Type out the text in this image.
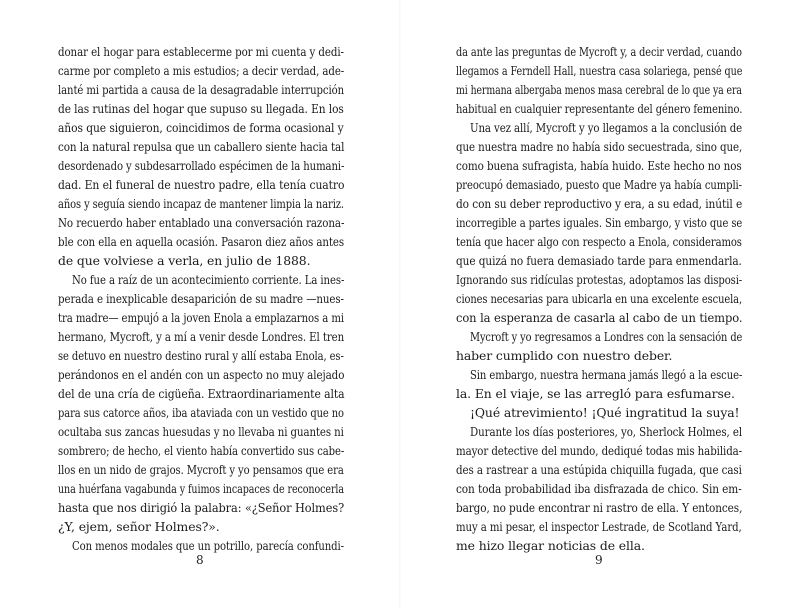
8
donar el hogar para establecerme por mi cuenta y dedi-
carme por completo a mis estudios; a decir verdad, ade-
lanté mi partida a causa de la desagradable interrupción
de las rutinas del hogar que supuso su llegada. En los
años que siguieron, coincidimos de forma ocasional y
con la natural repulsa que un caballero siente hacia tal
desordenado y subdesarrollado espécimen de la humani-
dad. En el funeral de nuestro padre, ella tenía cuatro
años y seguía siendo incapaz de mantener limpia la nariz.
No recuerdo haber entablado una conversación razona-
ble con ella en aquella ocasión. Pasaron diez años antes
de que volviese a verla, en julio de 1888.
No fue a raíz de un acontecimiento corriente. La ines-
perada e inexplicable desaparición de su madre —nues-
tra madre— empujó a la joven Enola a emplazarnos a mi
hermano, Mycroft, y a mí a venir desde Londres. El tren
se detuvo en nuestro destino rural y allí estaba Enola, es-
perándonos en el andén con un aspecto no muy alejado
del de una cría de cigüeña. Extraordinariamente alta
para sus catorce años, iba ataviada con un vestido que no
ocultaba sus zancas huesudas y no llevaba ni guantes ni
sombrero; de hecho, el viento había convertido sus cabe-
llos en un nido de grajos. Mycroft y yo pensamos que era
una huérfana vagabunda y fuimos incapaces de reconocerla
hasta que nos dirigió la palabra: «¿Señor Holmes?
¿Y, ejem, señor Holmes?».
Con menos modales que un potrillo, parecía confundi-
9
da ante las preguntas de Mycroft y, a decir verdad, cuando
llegamos a Ferndell Hall, nuestra casa solariega, pensé que
mi hermana albergaba menos masa cerebral de lo que ya era
habitual en cualquier representante del género femenino.
Una vez allí, Mycroft y yo llegamos a la conclusión de
que nuestra madre no había sido secuestrada, sino que,
como buena sufragista, había huido. Este hecho no nos
preocupó demasiado, puesto que Madre ya había cumpli-
do con su deber reproductivo y era, a su edad, inútil e
incorregible a partes iguales. Sin embargo, y visto que se
tenía que hacer algo con respecto a Enola, consideramos
que quizá no fuera demasiado tarde para enmendarla.
Ignorando sus ridículas protestas, adoptamos las disposi-
ciones necesarias para ubicarla en una excelente escuela,
con la esperanza de casarla al cabo de un tiempo.
Mycroft y yo regresamos a Londres con la sensación de
haber cumplido con nuestro deber.
Sin embargo, nuestra hermana jamás llegó a la escue-
la. En el viaje, se las arregló para esfumarse.
¡Qué atrevimiento! ¡Qué ingratitud la suya!
Durante los días posteriores, yo, Sherlock Holmes, el
mayor detective del mundo, dediqué todas mis habilida-
des a rastrear a una estúpida chiquilla fugada, que casi
con toda probabilidad iba disfrazada de chico. Sin em-
bargo, no pude encontrar ni rastro de ella. Y entonces,
muy a mi pesar, el inspector Lestrade, de Scotland Yard,
me hizo llegar noticias de ella.
